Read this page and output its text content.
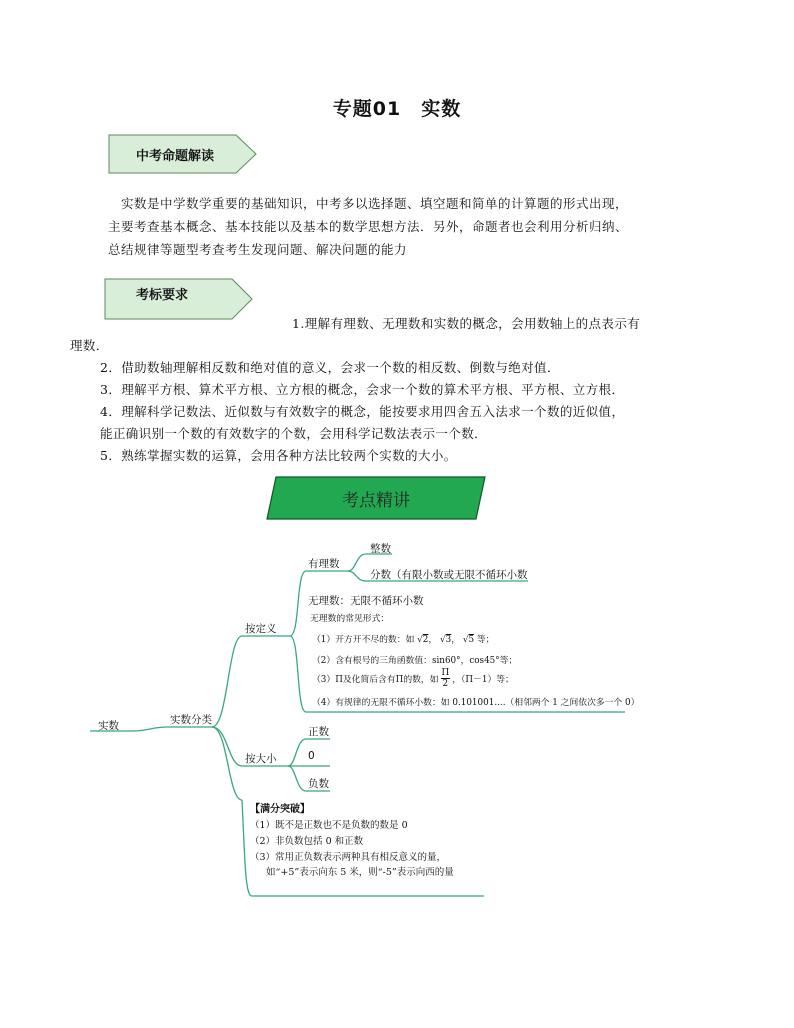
专题01　实数
中考命题解读
实数是中学数学重要的基础知识，中考多以选择题、填空题和简单的计算题的形式出现，
主要考查基本概念、基本技能以及基本的数学思想方法．另外，命题者也会利用分析归纳、
总结规律等题型考查考生发现问题、解决问题的能力
考标要求
1.理解有理数、无理数和实数的概念，会用数轴上的点表示有
理数．
2．借助数轴理解相反数和绝对值的意义，会求一个数的相反数、倒数与绝对值．
3．理解平方根、算术平方根、立方根的概念，会求一个数的算术平方根、平方根、立方根．
4．理解科学记数法、近似数与有效数字的概念，能按要求用四舍五入法求一个数的近似值，
能正确识别一个数的有效数字的个数，会用科学记数法表示一个数．
5．熟练掌握实数的运算，会用各种方法比较两个实数的大小。
考点精讲
实数	实数分类
按定义
有理数
整数
分数（有限小数或无限不循环小数
无理数：无限不循环小数
无理数的常见形式：
（1）开方开不尽的数：如 √2， √3， √5 等；
（2）含有根号的三角函数值：sin60°，cos45°等；
（3）Π及化简后含有Π的数，如 $\frac{\Pi}{2}$ ，（Π－1）等；
（4）有规律的无限不循环小数：如 0.101001....（相邻两个 1 之间依次多一个 0）
按大小
正数
0
负数
【满分突破】
（1）既不是正数也不是负数的数是 0
（2）非负数包括 0 和正数
（3）常用正负数表示两种具有相反意义的量，
如“+5”表示向东 5 米，则“-5”表示向西的量
